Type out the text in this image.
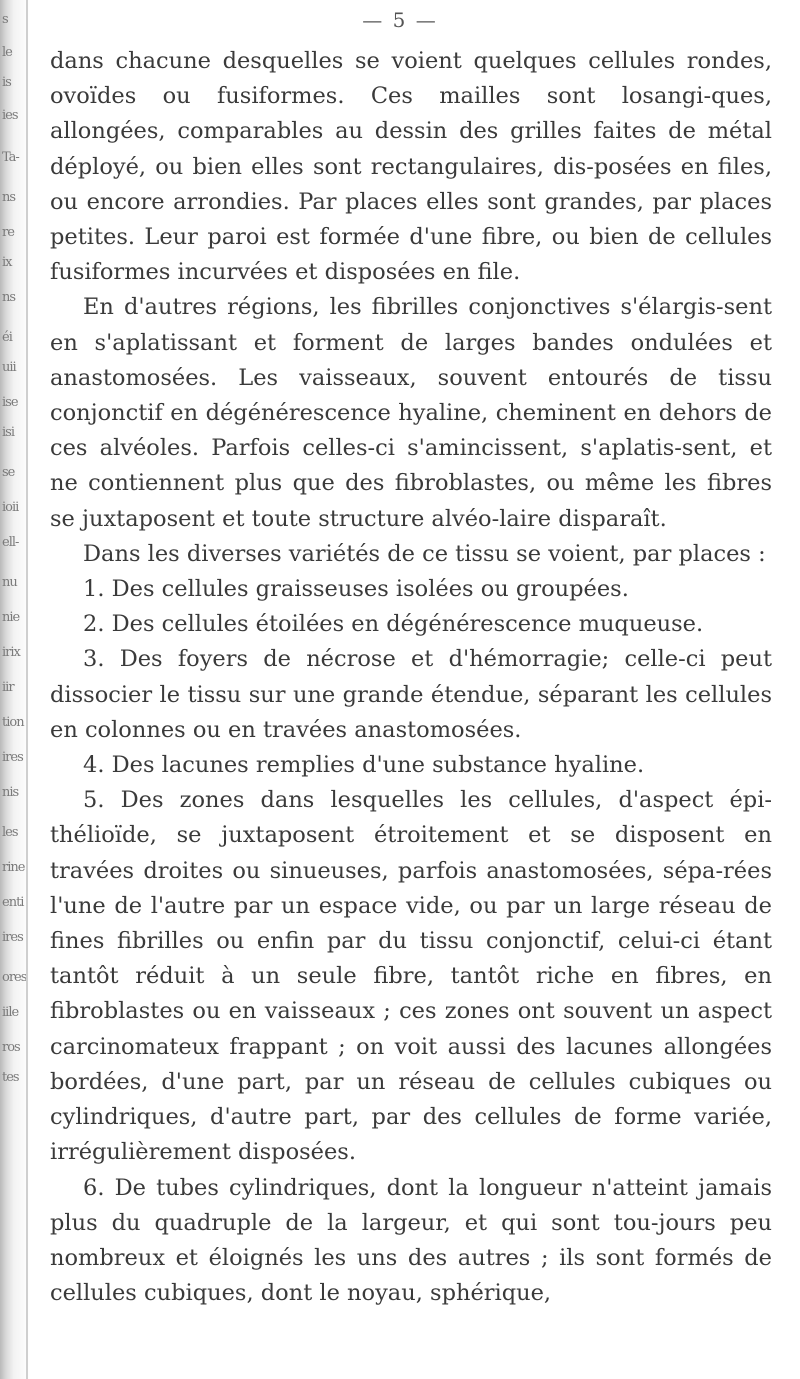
s
le
is
ies
Ta-
ns
re
ix
ns
éi
uii
ise
isi
se
ioii
ell-
nu
nie
irix
iir
tion
ires
nis
les
rine
enti
ires
ores
iile
ros
tes
— 5 —

dans chacune desquelles se voient quelques cellules rondes, ovoïdes ou fusiformes. Ces mailles sont losangi-ques, allongées, comparables au dessin des grilles faites de métal déployé, ou bien elles sont rectangulaires, dis-posées en files, ou encore arrondies. Par places elles sont grandes, par places petites. Leur paroi est formée d'une fibre, ou bien de cellules fusiformes incurvées et disposées en file.

En d'autres régions, les fibrilles conjonctives s'élargis-sent en s'aplatissant et forment de larges bandes ondulées et anastomosées. Les vaisseaux, souvent entourés de tissu conjonctif en dégénérescence hyaline, cheminent en dehors de ces alvéoles. Parfois celles-ci s'amincissent, s'aplatis-sent, et ne contiennent plus que des fibroblastes, ou même les fibres se juxtaposent et toute structure alvéo-laire disparaît.

Dans les diverses variétés de ce tissu se voient, par places :

1. Des cellules graisseuses isolées ou groupées.

2. Des cellules étoilées en dégénérescence muqueuse.

3. Des foyers de nécrose et d'hémorragie; celle-ci peut dissocier le tissu sur une grande étendue, séparant les cellules en colonnes ou en travées anastomosées.

4. Des lacunes remplies d'une substance hyaline.

5. Des zones dans lesquelles les cellules, d'aspect épi-thélioïde, se juxtaposent étroitement et se disposent en travées droites ou sinueuses, parfois anastomosées, sépa-rées l'une de l'autre par un espace vide, ou par un large réseau de fines fibrilles ou enfin par du tissu conjonctif, celui-ci étant tantôt réduit à un seule fibre, tantôt riche en fibres, en fibroblastes ou en vaisseaux ; ces zones ont souvent un aspect carcinomateux frappant ; on voit aussi des lacunes allongées bordées, d'une part, par un réseau de cellules cubiques ou cylindriques, d'autre part, par des cellules de forme variée, irrégulièrement disposées.

6. De tubes cylindriques, dont la longueur n'atteint jamais plus du quadruple de la largeur, et qui sont tou-jours peu nombreux et éloignés les uns des autres ; ils sont formés de cellules cubiques, dont le noyau, sphérique,
